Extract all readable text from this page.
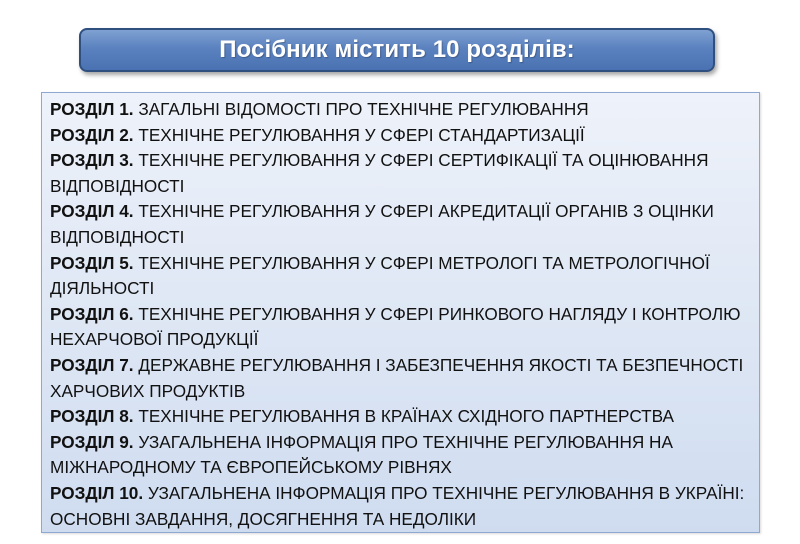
Посібник містить 10 розділів:

РОЗДІЛ 1. ЗАГАЛЬНІ ВІДОМОСТІ ПРО ТЕХНІЧНЕ РЕГУЛЮВАННЯ

РОЗДІЛ 2. ТЕХНІЧНЕ РЕГУЛЮВАННЯ У СФЕРІ СТАНДАРТИЗАЦІЇ

РОЗДІЛ 3. ТЕХНІЧНЕ РЕГУЛЮВАННЯ У СФЕРІ СЕРТИФІКАЦІЇ ТА ОЦІНЮВАННЯ ВІДПОВІДНОСТІ

РОЗДІЛ 4. ТЕХНІЧНЕ РЕГУЛЮВАННЯ У СФЕРІ АКРЕДИТАЦІЇ ОРГАНІВ З ОЦІНКИ ВІДПОВІДНОСТІ

РОЗДІЛ 5. ТЕХНІЧНЕ РЕГУЛЮВАННЯ У СФЕРІ МЕТРОЛОГІ ТА МЕТРОЛОГІЧНОЇ ДІЯЛЬНОСТІ

РОЗДІЛ 6. ТЕХНІЧНЕ РЕГУЛЮВАННЯ У СФЕРІ РИНКОВОГО НАГЛЯДУ І КОНТРОЛЮ НЕХАРЧОВОЇ ПРОДУКЦІЇ

РОЗДІЛ 7. ДЕРЖАВНЕ РЕГУЛЮВАННЯ І ЗАБЕЗПЕЧЕННЯ ЯКОСТІ ТА БЕЗПЕЧНОСТІ ХАРЧОВИХ ПРОДУКТІВ

РОЗДІЛ 8. ТЕХНІЧНЕ РЕГУЛЮВАННЯ В КРАЇНАХ СХІДНОГО ПАРТНЕРСТВА

РОЗДІЛ 9. УЗАГАЛЬНЕНА ІНФОРМАЦІЯ ПРО ТЕХНІЧНЕ РЕГУЛЮВАННЯ НА МІЖНАРОДНОМУ ТА ЄВРОПЕЙСЬКОМУ РІВНЯХ

РОЗДІЛ 10. УЗАГАЛЬНЕНА ІНФОРМАЦІЯ ПРО ТЕХНІЧНЕ РЕГУЛЮВАННЯ В УКРАЇНІ: ОСНОВНІ ЗАВДАННЯ, ДОСЯГНЕННЯ ТА НЕДОЛІКИ
